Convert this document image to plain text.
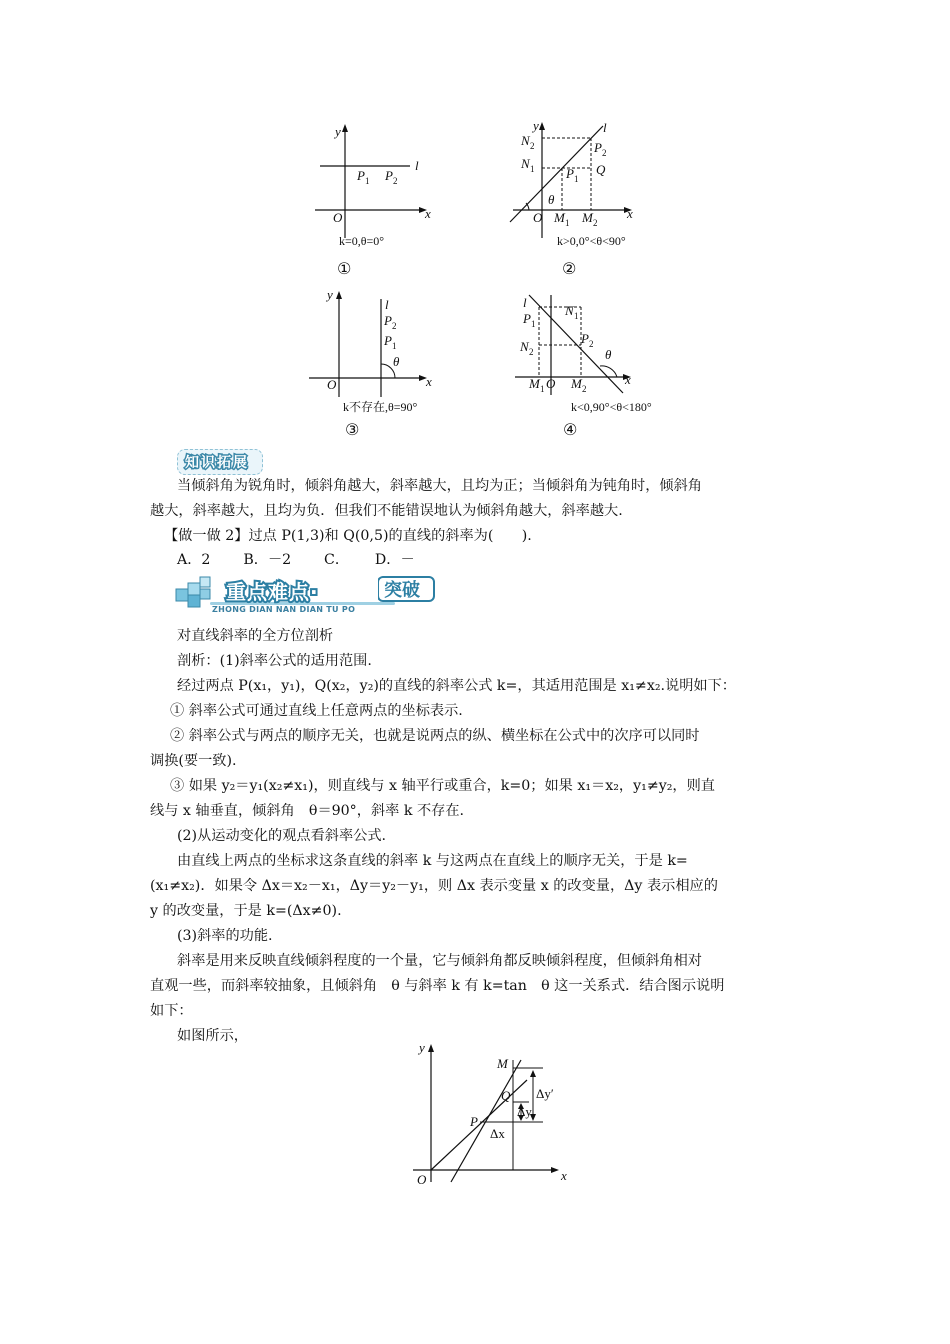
y
x
O
l
P 1 P 2
k=0,θ=0°
①
y
x
O
l
N 2
N 1
P 2
P 1
Q
θ
M 1 M 2
k>0,0°<θ<90°
②
y
x
O
l
P 2
P 1
θ
k不存在,θ=90°
③
l
P 1
N 1
P 2
N 2	θ
M 1 O M 2
x
k<0,90°<θ<180°
④
知识拓展
当倾斜角为锐角时，倾斜角越大，斜率越大，且均为正；当倾斜角为钝角时，倾斜角
越大，斜率越大，且均为负．但我们不能错误地认为倾斜角越大，斜率越大.
【做一做 2】过点 P(1,3)和 Q(0,5)的直线的斜率为(　　).
A．2　　 B．－2　　 C．　　 D．－
重点难点·	突破
ZHONG DIAN NAN DIAN TU PO
对直线斜率的全方位剖析
剖析：(1)斜率公式的适用范围.
经过两点 P(x₁，y₁)，Q(x₂，y₂)的直线的斜率公式 k=，其适用范围是 x₁≠x₂.说明如下：
① 斜率公式可通过直线上任意两点的坐标表示.
② 斜率公式与两点的顺序无关，也就是说两点的纵、横坐标在公式中的次序可以同时
调换(要一致).
③ 如果 y₂＝y₁(x₂≠x₁)，则直线与 x 轴平行或重合，k=0；如果 x₁＝x₂，y₁≠y₂，则直
线与 x 轴垂直，倾斜角　θ＝90°，斜率 k 不存在.
(2)从运动变化的观点看斜率公式.
由直线上两点的坐标求这条直线的斜率 k 与这两点在直线上的顺序无关，于是 k=
(x₁≠x₂)．如果令 Δx＝x₂－x₁，Δy＝y₂－y₁，则 Δx 表示变量 x 的改变量，Δy 表示相应的
y 的改变量，于是 k=(Δx≠0).
(3)斜率的功能.
斜率是用来反映直线倾斜程度的一个量，它与倾斜角都反映倾斜程度，但倾斜角相对
直观一些，而斜率较抽象，且倾斜角　θ 与斜率 k 有 k=tan　θ 这一关系式．结合图示说明
如下：
如图所示，
y
x
O
M
Q
P
Δy′
Δy
Δx
